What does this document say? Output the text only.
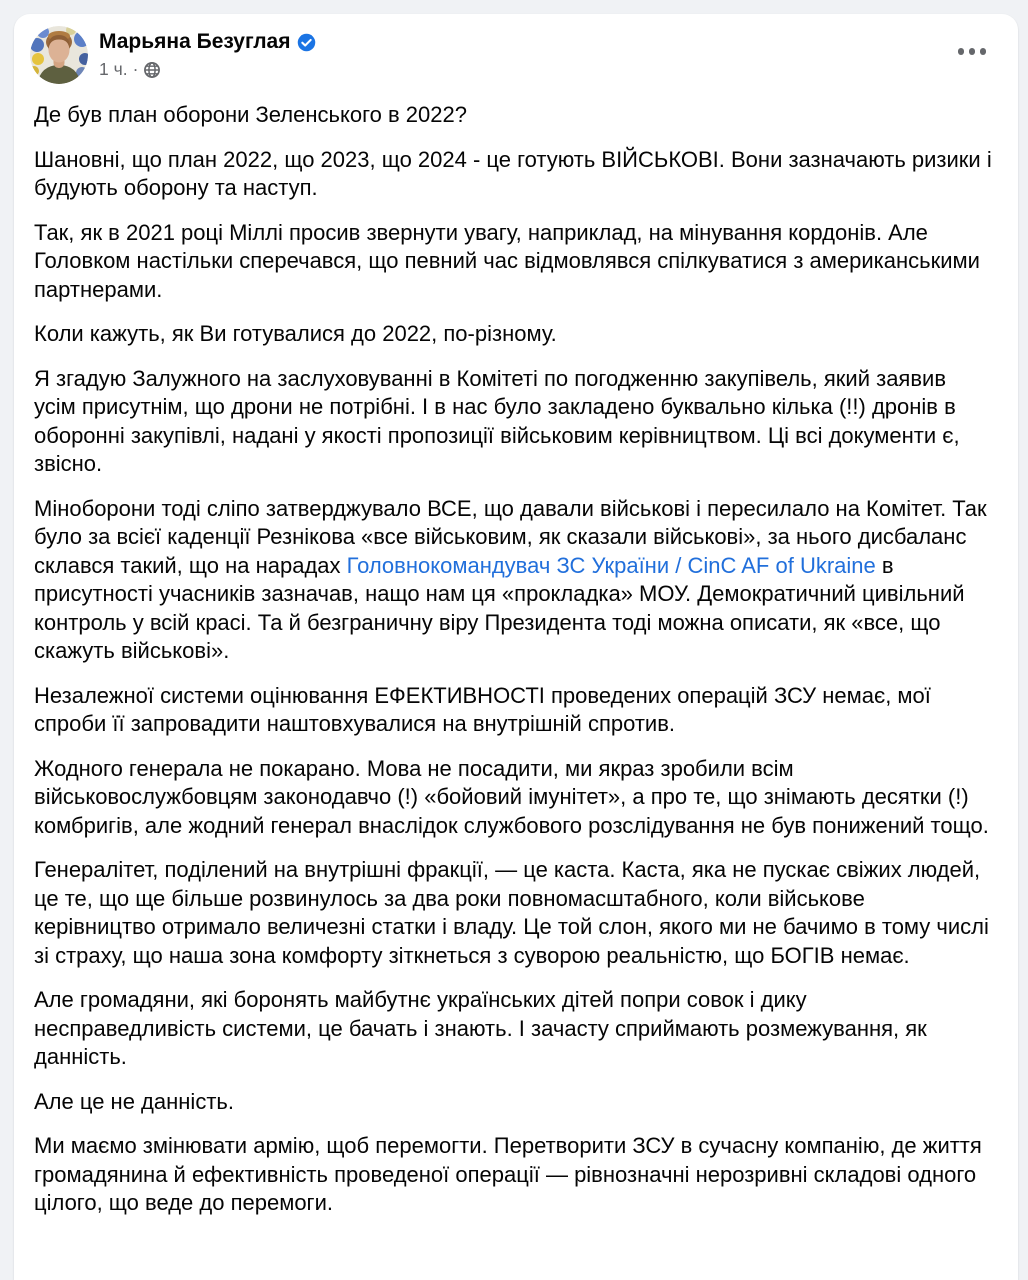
Марьяна Безуглая
1 ч. ·

Де був план оборони Зеленського в 2022?

Шановні, що план 2022, що 2023, що 2024 - це готують ВІЙСЬКОВІ. Вони зазначають ризики і будують оборону та наступ.

Так, як в 2021 році Міллі просив звернути увагу, наприклад, на мінування кордонів. Але Головком настільки сперечався, що певний час відмовлявся спілкуватися з американськими партнерами.

Коли кажуть, як Ви готувалися до 2022, по-різному.

Я згадую Залужного на заслуховуванні в Комітеті по погодженню закупівель, який заявив усім присутнім, що дрони не потрібні. І в нас було закладено буквально кілька (!!) дронів в оборонні закупівлі, надані у якості пропозиції військовим керівництвом. Ці всі документи є, звісно.

Міноборони тоді сліпо затверджувало ВСЕ, що давали військові і пересилало на Комітет. Так було за всієї каденції Резнікова «все військовим, як сказали військові», за нього дисбаланс склався такий, що на нарадах Головнокомандувач ЗС України / CinC AF of Ukraine в присутності учасників зазначав, нащо нам ця «прокладка» МОУ. Демократичний цивільний контроль у всій красі. Та й безграничну віру Президента тоді можна описати, як «все, що скажуть військові».

Незалежної системи оцінювання ЕФЕКТИВНОСТІ проведених операцій ЗСУ немає, мої спроби її запровадити наштовхувалися на внутрішній спротив.

Жодного генерала не покарано. Мова не посадити, ми якраз зробили всім військовослужбовцям законодавчо (!) «бойовий імунітет», а про те, що знімають десятки (!) комбригів, але жодний генерал внаслідок службового розслідування не був понижений тощо.

Генералітет, поділений на внутрішні фракції, — це каста. Каста, яка не пускає свіжих людей, це те, що ще більше розвинулось за два роки повномасштабного, коли військове керівництво отримало величезні статки і владу. Це той слон, якого ми не бачимо в тому числі зі страху, що наша зона комфорту зіткнеться з суворою реальністю, що БОГІВ немає.

Але громадяни, які боронять майбутнє українських дітей попри совок і дику несправедливість системи, це бачать і знають. І зачасту сприймають розмежування, як данність.

Але це не данність.

Ми маємо змінювати армію, щоб перемогти. Перетворити ЗСУ в сучасну компанію, де життя громадянина й ефективність проведеної операції — рівнозначні нерозривні складові одного цілого, що веде до перемоги.
